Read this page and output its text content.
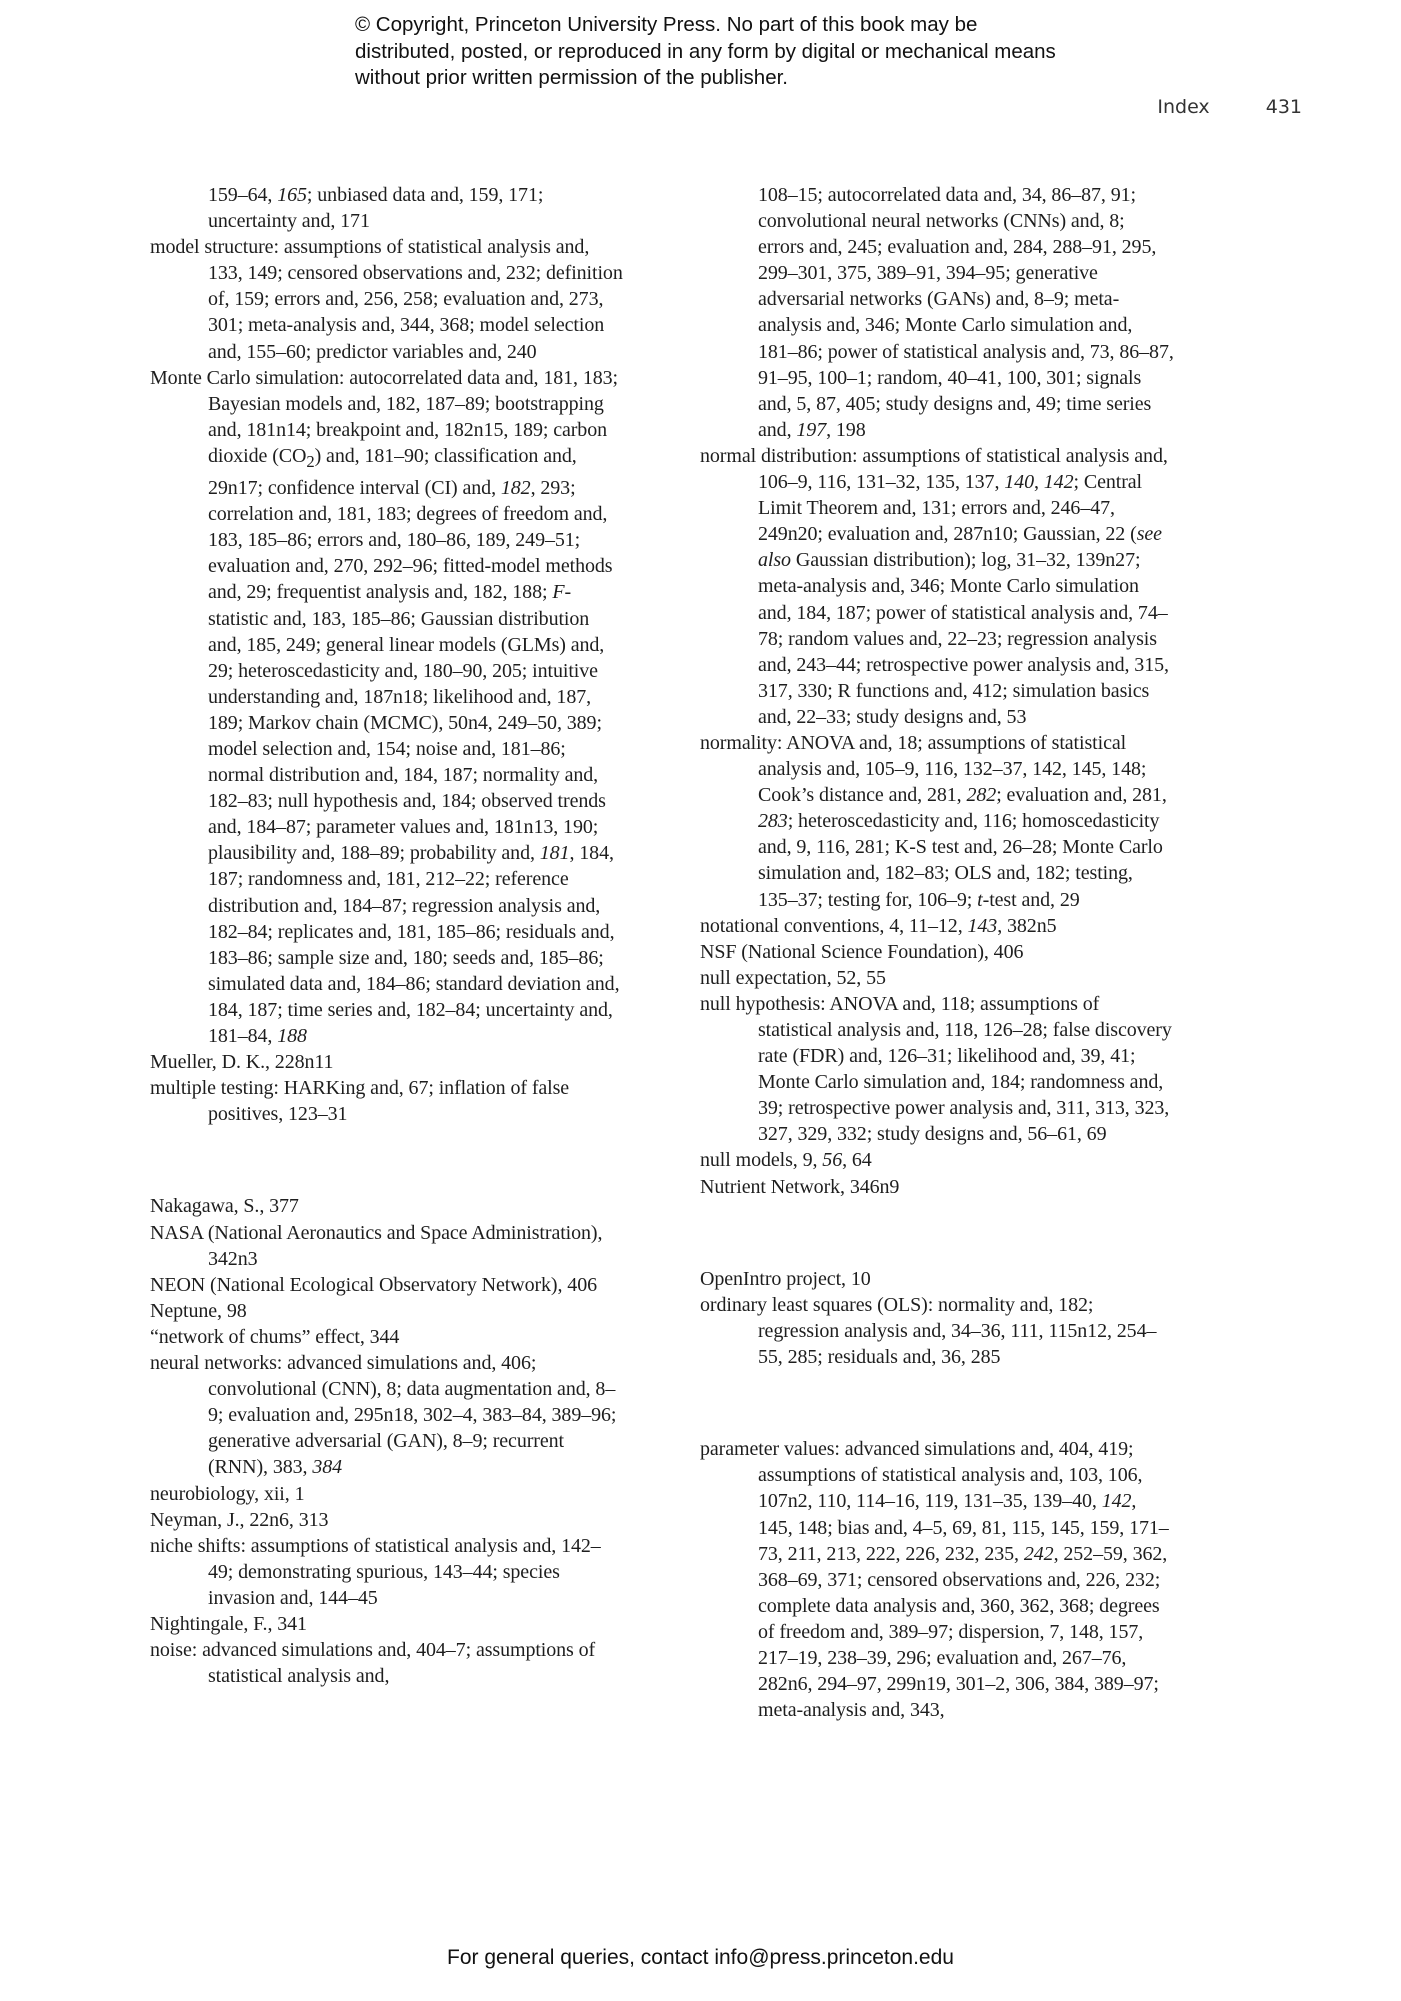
© Copyright, Princeton University Press. No part of this book may be distributed, posted, or reproduced in any form by digital or mechanical means without prior written permission of the publisher.
Index	431

159–64, 165; unbiased data and, 159, 171; uncertainty and, 171

model structure: assumptions of statistical analysis and, 133, 149; censored observations and, 232; definition of, 159; errors and, 256, 258; evaluation and, 273, 301; meta-analysis and, 344, 368; model selection and, 155–60; predictor variables and, 240

Monte Carlo simulation: autocorrelated data and, 181, 183; Bayesian models and, 182, 187–89; bootstrapping and, 181n14; breakpoint and, 182n15, 189; carbon dioxide $(CO_2)$ and, 181–90; classification and, 29n17; confidence interval (CI) and, 182, 293; correlation and, 181, 183; degrees of freedom and, 183, 185–86; errors and, 180–86, 189, 249–51; evaluation and, 270, 292–96; fitted-model methods and, 29; frequentist analysis and, 182, 188; F-statistic and, 183, 185–86; Gaussian distribution and, 185, 249; general linear models (GLMs) and, 29; heteroscedasticity and, 180–90, 205; intuitive understanding and, 187n18; likelihood and, 187, 189; Markov chain (MCMC), 50n4, 249–50, 389; model selection and, 154; noise and, 181–86; normal distribution and, 184, 187; normality and, 182–83; null hypothesis and, 184; observed trends and, 184–87; parameter values and, 181n13, 190; plausibility and, 188–89; probability and, 181, 184, 187; randomness and, 181, 212–22; reference distribution and, 184–87; regression analysis and, 182–84; replicates and, 181, 185–86; residuals and, 183–86; sample size and, 180; seeds and, 185–86; simulated data and, 184–86; standard deviation and, 184, 187; time series and, 182–84; uncertainty and, 181–84, 188

Mueller, D. K., 228n11

multiple testing: HARKing and, 67; inflation of false positives, 123–31

Nakagawa, S., 377

NASA (National Aeronautics and Space Administration), 342n3

NEON (National Ecological Observatory Network), 406

Neptune, 98

“network of chums” effect, 344

neural networks: advanced simulations and, 406; convolutional (CNN), 8; data augmentation and, 8–9; evaluation and, 295n18, 302–4, 383–84, 389–96; generative adversarial (GAN), 8–9; recurrent (RNN), 383, 384

neurobiology, xii, 1

Neyman, J., 22n6, 313

niche shifts: assumptions of statistical analysis and, 142–49; demonstrating spurious, 143–44; species invasion and, 144–45

Nightingale, F., 341

noise: advanced simulations and, 404–7; assumptions of statistical analysis and,

108–15; autocorrelated data and, 34, 86–87, 91; convolutional neural networks (CNNs) and, 8; errors and, 245; evaluation and, 284, 288–91, 295, 299–301, 375, 389–91, 394–95; generative adversarial networks (GANs) and, 8–9; meta-analysis and, 346; Monte Carlo simulation and, 181–86; power of statistical analysis and, 73, 86–87, 91–95, 100–1; random, 40–41, 100, 301; signals and, 5, 87, 405; study designs and, 49; time series and, 197, 198

normal distribution: assumptions of statistical analysis and, 106–9, 116, 131–32, 135, 137, 140, 142; Central Limit Theorem and, 131; errors and, 246–47, 249n20; evaluation and, 287n10; Gaussian, 22 (see also Gaussian distribution); log, 31–32, 139n27; meta-analysis and, 346; Monte Carlo simulation and, 184, 187; power of statistical analysis and, 74–78; random values and, 22–23; regression analysis and, 243–44; retrospective power analysis and, 315, 317, 330; R functions and, 412; simulation basics and, 22–33; study designs and, 53

normality: ANOVA and, 18; assumptions of statistical analysis and, 105–9, 116, 132–37, 142, 145, 148; Cook’s distance and, 281, 282; evaluation and, 281, 283; heteroscedasticity and, 116; homoscedasticity and, 9, 116, 281; K-S test and, 26–28; Monte Carlo simulation and, 182–83; OLS and, 182; testing, 135–37; testing for, 106–9; t-test and, 29

notational conventions, 4, 11–12, 143, 382n5

NSF (National Science Foundation), 406

null expectation, 52, 55

null hypothesis: ANOVA and, 118; assumptions of statistical analysis and, 118, 126–28; false discovery rate (FDR) and, 126–31; likelihood and, 39, 41; Monte Carlo simulation and, 184; randomness and, 39; retrospective power analysis and, 311, 313, 323, 327, 329, 332; study designs and, 56–61, 69

null models, 9, 56, 64

Nutrient Network, 346n9

OpenIntro project, 10

ordinary least squares (OLS): normality and, 182; regression analysis and, 34–36, 111, 115n12, 254–55, 285; residuals and, 36, 285

parameter values: advanced simulations and, 404, 419; assumptions of statistical analysis and, 103, 106, 107n2, 110, 114–16, 119, 131–35, 139–40, 142, 145, 148; bias and, 4–5, 69, 81, 115, 145, 159, 171–73, 211, 213, 222, 226, 232, 235, 242, 252–59, 362, 368–69, 371; censored observations and, 226, 232; complete data analysis and, 360, 362, 368; degrees of freedom and, 389–97; dispersion, 7, 148, 157, 217–19, 238–39, 296; evaluation and, 267–76, 282n6, 294–97, 299n19, 301–2, 306, 384, 389–97; meta-analysis and, 343,

For general queries, contact info@press.princeton.edu
